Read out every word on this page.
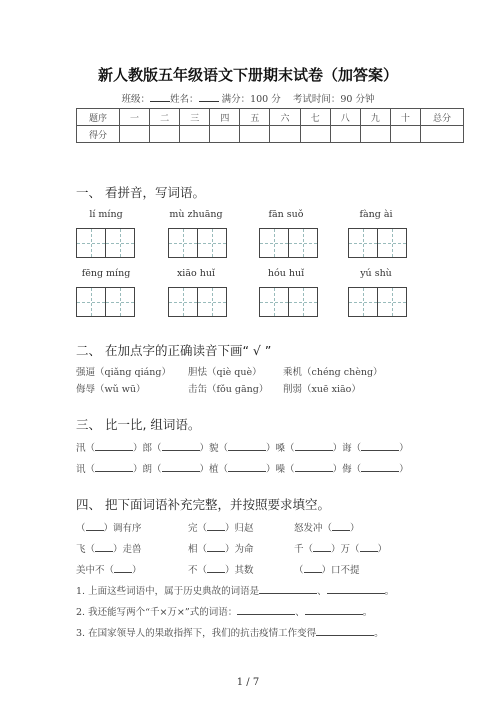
新人教版五年级语文下册期末试卷（加答案）
班级： 姓名： 满分：100 分 考试时间：90 分钟
题序	一	二	三	四	五	六	七	八	九	十	总分
得分											
一、 看拼音，写词语。
lí míng	mù zhuāng	fān suǒ	fàng ài
fēng míng	xiāo huǐ	hóu huǐ	yú shù
二、 在加点字的正确读音下画“ √ ”
强逼（qiǎng qiáng） 胆怯（qiè què） 乘机（chéng chèng）
侮辱（wǔ wū）	击缶（fǒu gāng） 削弱（xuē xiāo）
三、 比一比, 组词语。
汛（	）郎（	）貌（	）嗓（	）诲（	）
讯（	）朗（	）植（	）噪（	）侮（	）
四、 把下面词语补充完整，并按照要求填空。
（ ）调有序	完（ ）归赵	怒发冲（ ）
飞（ ）走兽	相（ ）为命	千（ ）万（ ）
美中不（ ）	不（ ）其数	（ ）口不提
1. 上面这些词语中，属于历史典故的词语是	、	。
2. 我还能写两个“千×万×”式的词语：	、	。
3. 在国家领导人的果敢指挥下，我们的抗击疫情工作变得	。
1 / 7
